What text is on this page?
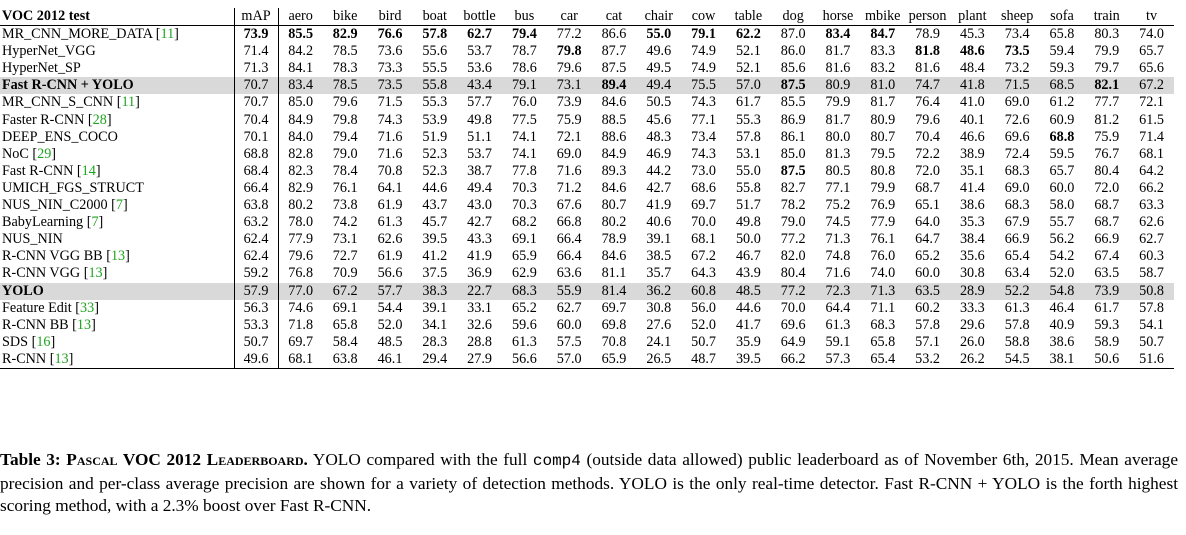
VOC 2012 test	mAP	aero	bike	bird	boat	bottle	bus	car	cat	chair	cow	table	dog	horse	mbike	person	plant	sheep	sofa	train	tv
MR_CNN_MORE_DATA [11]	73.9	85.5	82.9	76.6	57.8	62.7	79.4	77.2	86.6	55.0	79.1	62.2	87.0	83.4	84.7	78.9	45.3	73.4	65.8	80.3	74.0
HyperNet_VGG	71.4	84.2	78.5	73.6	55.6	53.7	78.7	79.8	87.7	49.6	74.9	52.1	86.0	81.7	83.3	81.8	48.6	73.5	59.4	79.9	65.7
HyperNet_SP	71.3	84.1	78.3	73.3	55.5	53.6	78.6	79.6	87.5	49.5	74.9	52.1	85.6	81.6	83.2	81.6	48.4	73.2	59.3	79.7	65.6
Fast R-CNN + YOLO	70.7	83.4	78.5	73.5	55.8	43.4	79.1	73.1	89.4	49.4	75.5	57.0	87.5	80.9	81.0	74.7	41.8	71.5	68.5	82.1	67.2
MR_CNN_S_CNN [11]	70.7	85.0	79.6	71.5	55.3	57.7	76.0	73.9	84.6	50.5	74.3	61.7	85.5	79.9	81.7	76.4	41.0	69.0	61.2	77.7	72.1
Faster R-CNN [28]	70.4	84.9	79.8	74.3	53.9	49.8	77.5	75.9	88.5	45.6	77.1	55.3	86.9	81.7	80.9	79.6	40.1	72.6	60.9	81.2	61.5
DEEP_ENS_COCO	70.1	84.0	79.4	71.6	51.9	51.1	74.1	72.1	88.6	48.3	73.4	57.8	86.1	80.0	80.7	70.4	46.6	69.6	68.8	75.9	71.4
NoC [29]	68.8	82.8	79.0	71.6	52.3	53.7	74.1	69.0	84.9	46.9	74.3	53.1	85.0	81.3	79.5	72.2	38.9	72.4	59.5	76.7	68.1
Fast R-CNN [14]	68.4	82.3	78.4	70.8	52.3	38.7	77.8	71.6	89.3	44.2	73.0	55.0	87.5	80.5	80.8	72.0	35.1	68.3	65.7	80.4	64.2
UMICH_FGS_STRUCT	66.4	82.9	76.1	64.1	44.6	49.4	70.3	71.2	84.6	42.7	68.6	55.8	82.7	77.1	79.9	68.7	41.4	69.0	60.0	72.0	66.2
NUS_NIN_C2000 [7]	63.8	80.2	73.8	61.9	43.7	43.0	70.3	67.6	80.7	41.9	69.7	51.7	78.2	75.2	76.9	65.1	38.6	68.3	58.0	68.7	63.3
BabyLearning [7]	63.2	78.0	74.2	61.3	45.7	42.7	68.2	66.8	80.2	40.6	70.0	49.8	79.0	74.5	77.9	64.0	35.3	67.9	55.7	68.7	62.6
NUS_NIN	62.4	77.9	73.1	62.6	39.5	43.3	69.1	66.4	78.9	39.1	68.1	50.0	77.2	71.3	76.1	64.7	38.4	66.9	56.2	66.9	62.7
R-CNN VGG BB [13]	62.4	79.6	72.7	61.9	41.2	41.9	65.9	66.4	84.6	38.5	67.2	46.7	82.0	74.8	76.0	65.2	35.6	65.4	54.2	67.4	60.3
R-CNN VGG [13]	59.2	76.8	70.9	56.6	37.5	36.9	62.9	63.6	81.1	35.7	64.3	43.9	80.4	71.6	74.0	60.0	30.8	63.4	52.0	63.5	58.7
YOLO	57.9	77.0	67.2	57.7	38.3	22.7	68.3	55.9	81.4	36.2	60.8	48.5	77.2	72.3	71.3	63.5	28.9	52.2	54.8	73.9	50.8
Feature Edit [33]	56.3	74.6	69.1	54.4	39.1	33.1	65.2	62.7	69.7	30.8	56.0	44.6	70.0	64.4	71.1	60.2	33.3	61.3	46.4	61.7	57.8
R-CNN BB [13]	53.3	71.8	65.8	52.0	34.1	32.6	59.6	60.0	69.8	27.6	52.0	41.7	69.6	61.3	68.3	57.8	29.6	57.8	40.9	59.3	54.1
SDS [16]	50.7	69.7	58.4	48.5	28.3	28.8	61.3	57.5	70.8	24.1	50.7	35.9	64.9	59.1	65.8	57.1	26.0	58.8	38.6	58.9	50.7
R-CNN [13]	49.6	68.1	63.8	46.1	29.4	27.9	56.6	57.0	65.9	26.5	48.7	39.5	66.2	57.3	65.4	53.2	26.2	54.5	38.1	50.6	51.6
Table 3: Pascal VOC 2012 Leaderboard. YOLO compared with the full comp4 (outside data allowed) public leaderboard as of November 6th, 2015. Mean average precision and per-class average precision are shown for a variety of detection methods. YOLO is the only real-time detector. Fast R-CNN + YOLO is the forth highest scoring method, with a 2.3% boost over Fast R-CNN.
